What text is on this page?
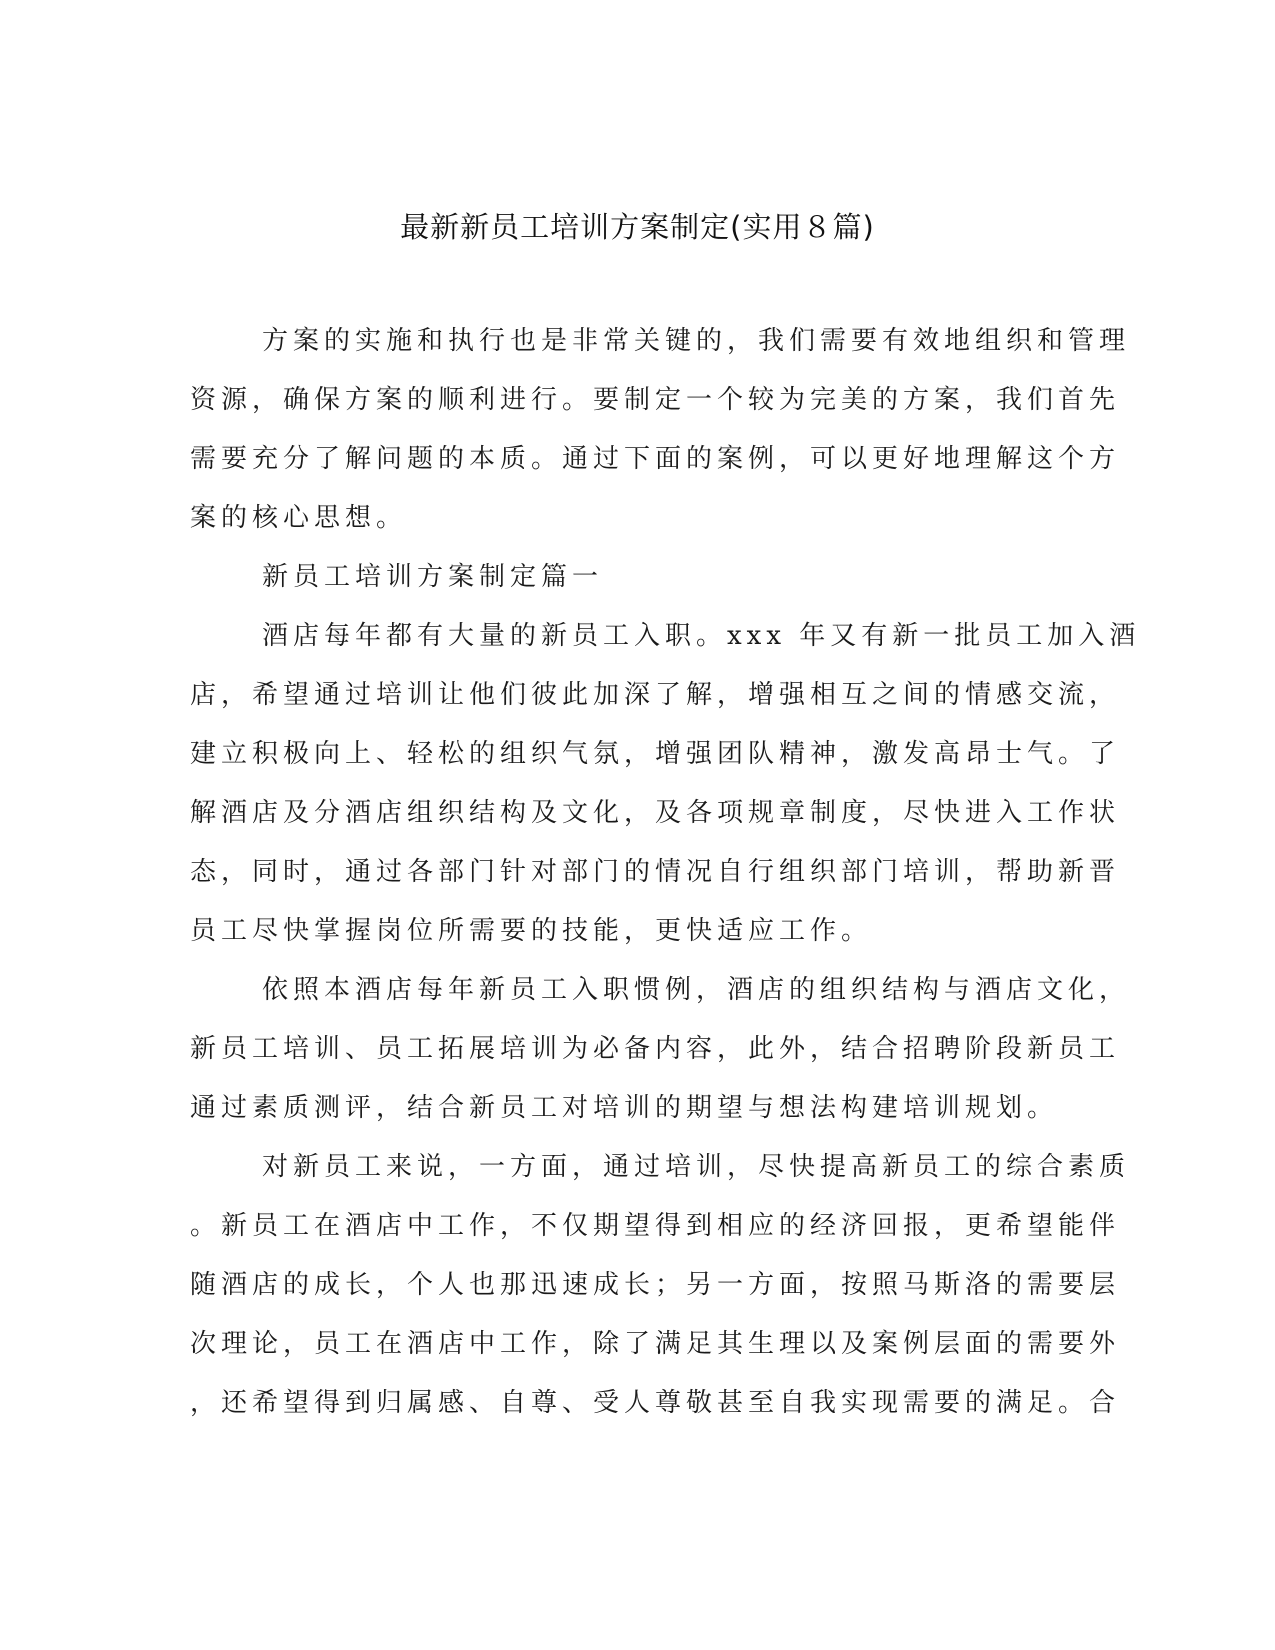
最新新员工培训方案制定(实用８篇)
方案的实施和执行也是非常关键的，我们需要有效地组织和管理
资源，确保方案的顺利进行。要制定一个较为完美的方案，我们首先
需要充分了解问题的本质。通过下面的案例，可以更好地理解这个方
案的核心思想。
新员工培训方案制定篇一
酒店每年都有大量的新员工入职。xxx 年又有新一批员工加入酒
店，希望通过培训让他们彼此加深了解，增强相互之间的情感交流，
建立积极向上、轻松的组织气氛，增强团队精神，激发高昂士气。了
解酒店及分酒店组织结构及文化，及各项规章制度，尽快进入工作状
态，同时，通过各部门针对部门的情况自行组织部门培训，帮助新晋
员工尽快掌握岗位所需要的技能，更快适应工作。
依照本酒店每年新员工入职惯例，酒店的组织结构与酒店文化，
新员工培训、员工拓展培训为必备内容，此外，结合招聘阶段新员工
通过素质测评，结合新员工对培训的期望与想法构建培训规划。
对新员工来说，一方面，通过培训，尽快提高新员工的综合素质
。新员工在酒店中工作，不仅期望得到相应的经济回报，更希望能伴
随酒店的成长，个人也那迅速成长；另一方面，按照马斯洛的需要层
次理论，员工在酒店中工作，除了满足其生理以及案例层面的需要外
，还希望得到归属感、自尊、受人尊敬甚至自我实现需要的满足。合
